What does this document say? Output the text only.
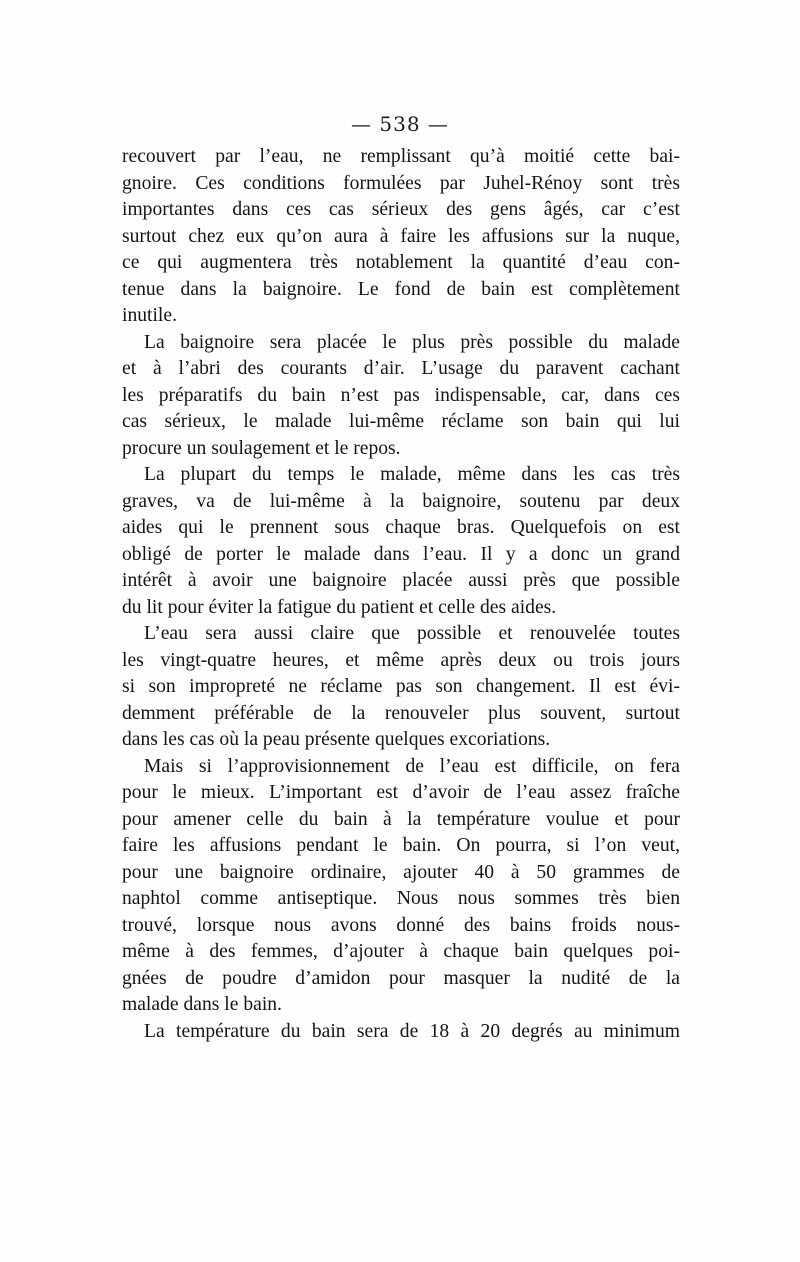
— 538 —
recouvert par l’eau, ne remplissant qu’à moitié cette bai-
gnoire. Ces conditions formulées par Juhel-Rénoy sont très
importantes dans ces cas sérieux des gens âgés, car c’est
surtout chez eux qu’on aura à faire les affusions sur la nuque,
ce qui augmentera très notablement la quantité d’eau con-
tenue dans la baignoire. Le fond de bain est complètement
inutile.
La baignoire sera placée le plus près possible du malade
et à l’abri des courants d’air. L’usage du paravent cachant
les préparatifs du bain n’est pas indispensable, car, dans ces
cas sérieux, le malade lui-même réclame son bain qui lui
procure un soulagement et le repos.
La plupart du temps le malade, même dans les cas très
graves, va de lui-même à la baignoire, soutenu par deux
aides qui le prennent sous chaque bras. Quelquefois on est
obligé de porter le malade dans l’eau. Il y a donc un grand
intérêt à avoir une baignoire placée aussi près que possible
du lit pour éviter la fatigue du patient et celle des aides.
L’eau sera aussi claire que possible et renouvelée toutes
les vingt-quatre heures, et même après deux ou trois jours
si son impropreté ne réclame pas son changement. Il est évi-
demment préférable de la renouveler plus souvent, surtout
dans les cas où la peau présente quelques excoriations.
Mais si l’approvisionnement de l’eau est difficile, on fera
pour le mieux. L’important est d’avoir de l’eau assez fraîche
pour amener celle du bain à la température voulue et pour
faire les affusions pendant le bain. On pourra, si l’on veut,
pour une baignoire ordinaire, ajouter 40 à 50 grammes de
naphtol comme antiseptique. Nous nous sommes très bien
trouvé, lorsque nous avons donné des bains froids nous-
même à des femmes, d’ajouter à chaque bain quelques poi-
gnées de poudre d’amidon pour masquer la nudité de la
malade dans le bain.
La température du bain sera de 18 à 20 degrés au minimum
